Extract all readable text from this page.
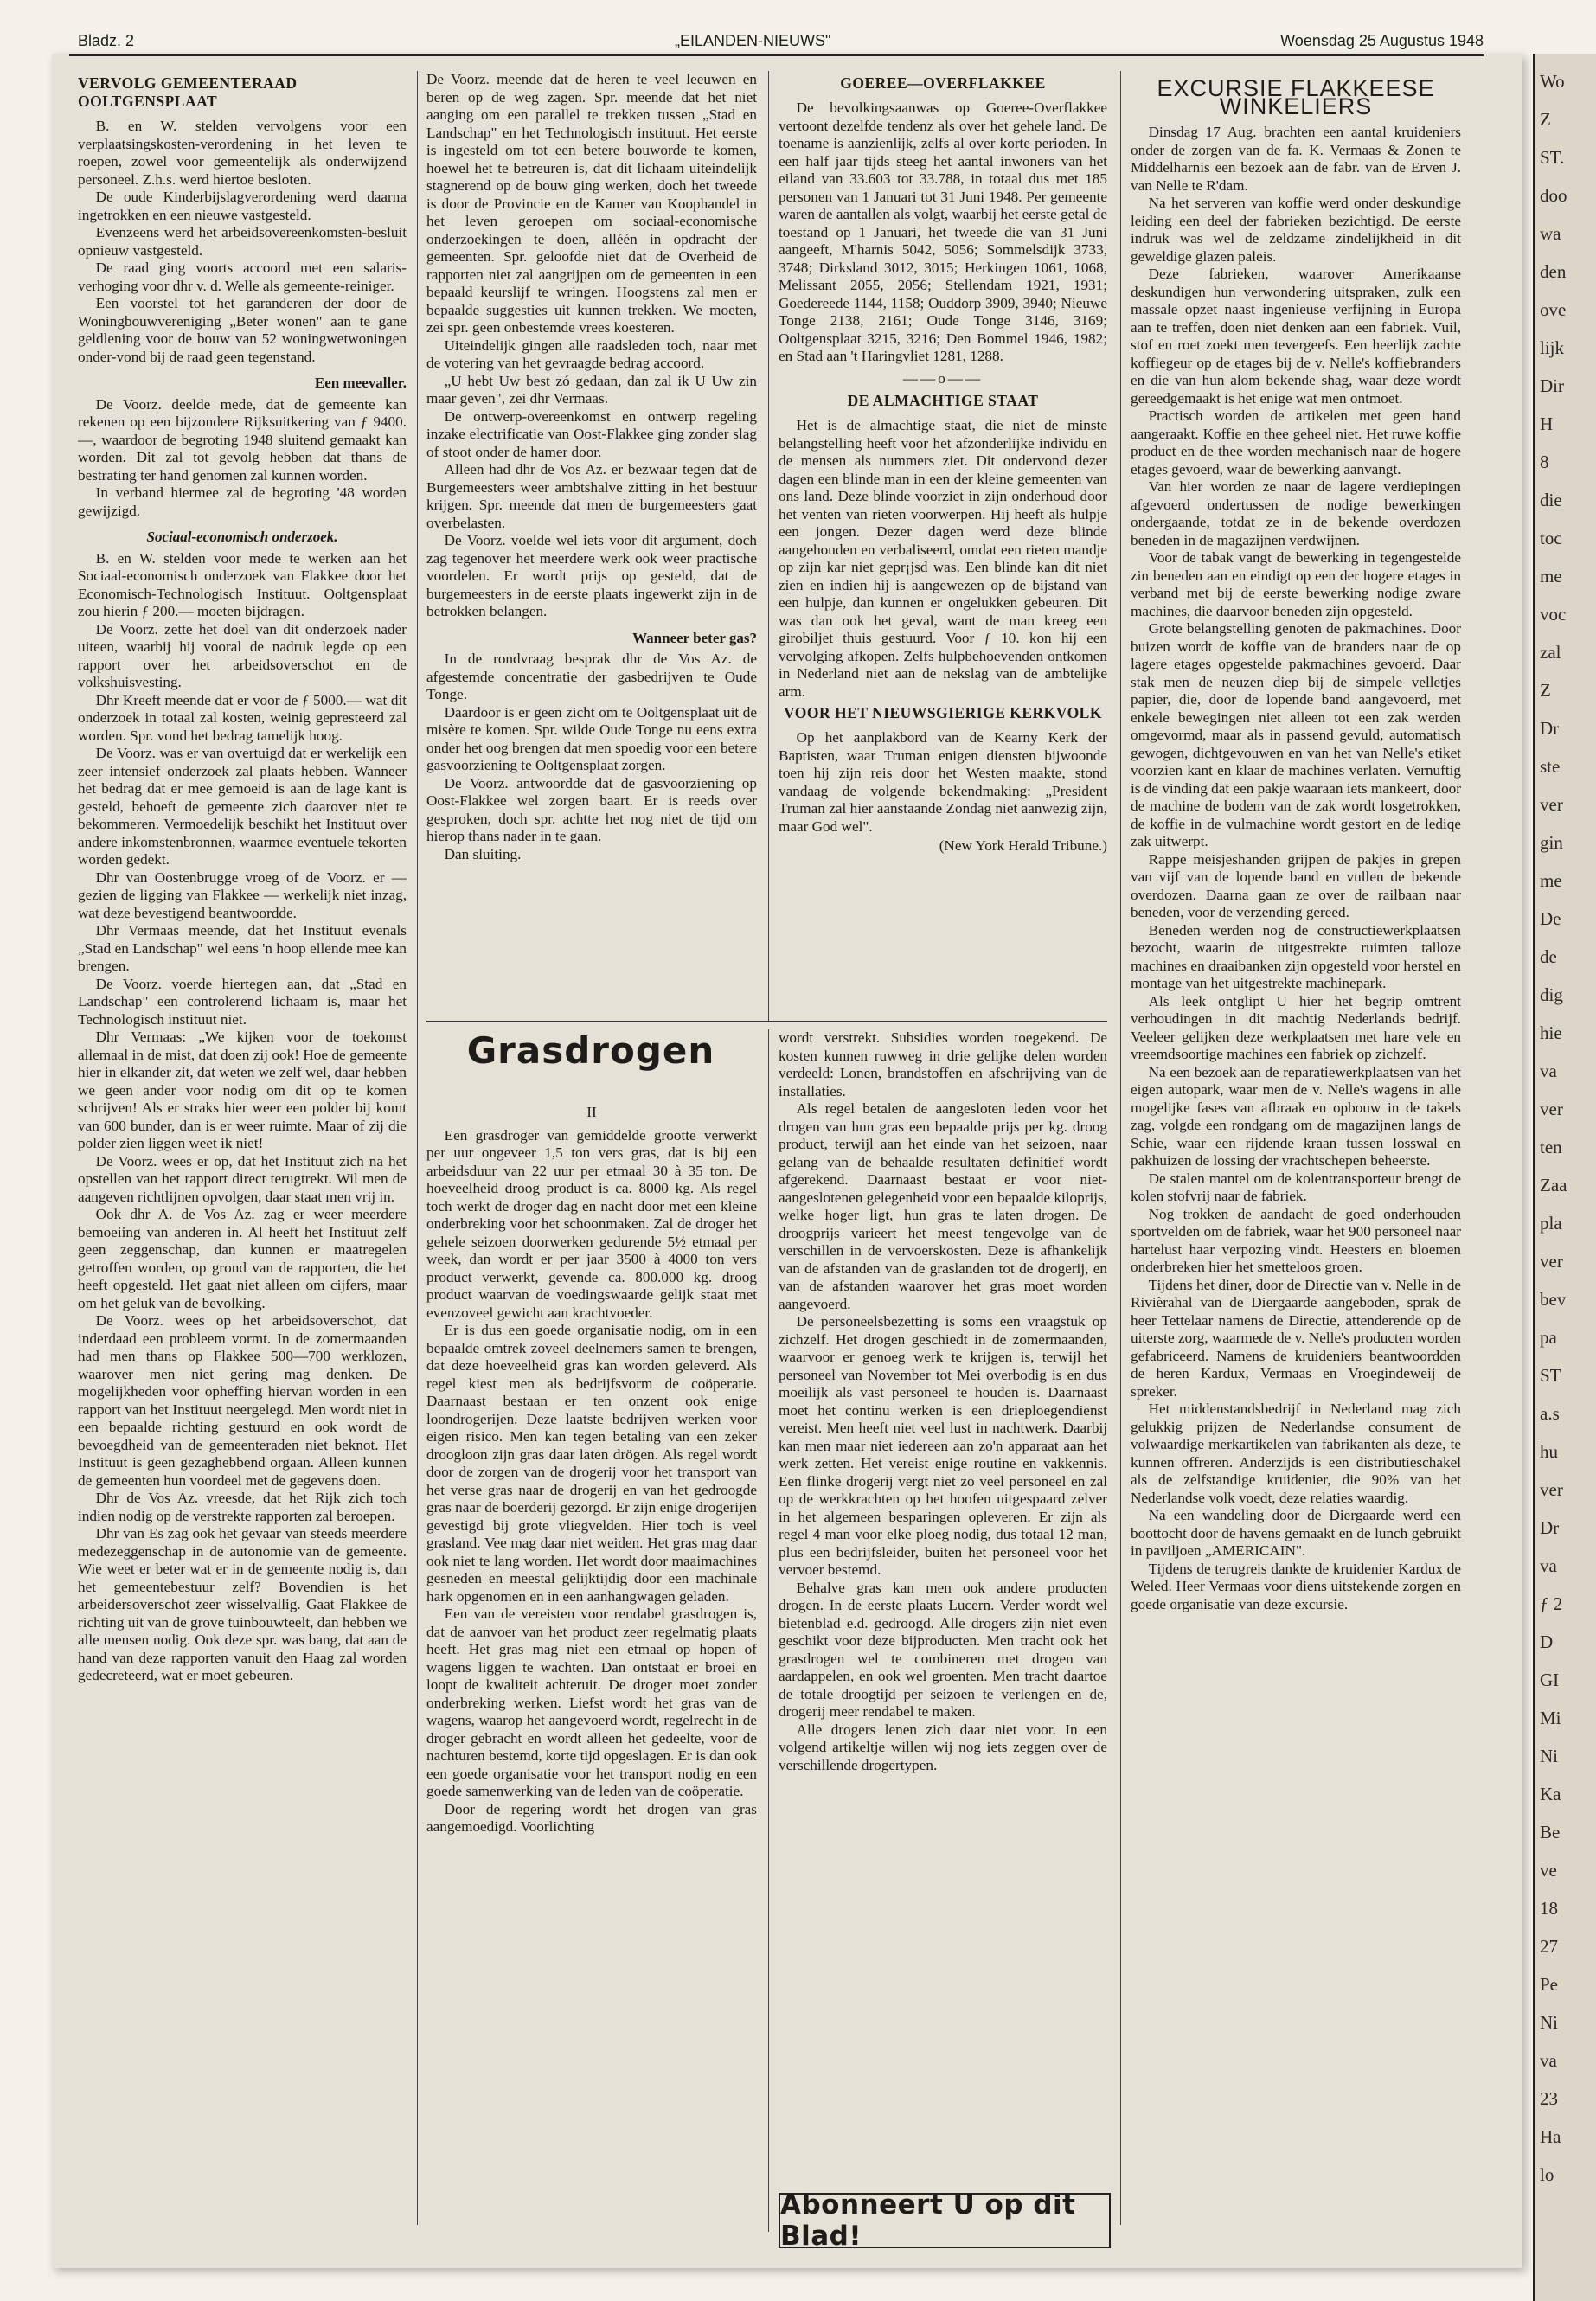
Wo
Z
ST.
doo
wa
den
ove
lijk
Dir
H
8
die
toc
me
voc
zal
Z
Dr
ste
ver
gin
me
De
de
dig
hie
va
ver
ten
Zaa
pla
ver
bev
pa
ST
a.s
hu
ver
Dr
va
ƒ 2
D
GI
Mi
Ni
Ka
Be
ve
18
27
Pe
Ni
va
23
Ha
lo
Bladz. 2	„EILANDEN-NIEUWS"	Woensdag 25 Augustus 1948
VERVOLG GEMEENTERAAD OOLTGENSPLAAT

B. en W. stelden vervolgens voor een verplaatsingskosten-verordening in het leven te roepen, zowel voor gemeentelijk als onderwijzend personeel. Z.h.s. werd hiertoe besloten.

De oude Kinderbijslagverordening werd daarna ingetrokken en een nieuwe vastgesteld.

Evenzeens werd het arbeidsovereenkomsten-besluit opnieuw vastgesteld.

De raad ging voorts accoord met een salaris-verhoging voor dhr v. d. Welle als gemeente-reiniger.

Een voorstel tot het garanderen der door de Woningbouwvereniging „Beter wonen" aan te gane geldlening voor de bouw van 52 woningwetwoningen onder-vond bij de raad geen tegenstand.

Een meevaller.

De Voorz. deelde mede, dat de gemeente kan rekenen op een bijzondere Rijksuitkering van ƒ 9400.—, waardoor de begroting 1948 sluitend gemaakt kan worden. Dit zal tot gevolg hebben dat thans de bestrating ter hand genomen zal kunnen worden.

In verband hiermee zal de begroting '48 worden gewijzigd.

Sociaal-economisch onderzoek.

B. en W. stelden voor mede te werken aan het Sociaal-economisch onderzoek van Flakkee door het Economisch-Technologisch Instituut. Ooltgensplaat zou hierin ƒ 200.— moeten bijdragen.

De Voorz. zette het doel van dit onderzoek nader uiteen, waarbij hij vooral de nadruk legde op een rapport over het arbeidsoverschot en de volkshuisvesting.

Dhr Kreeft meende dat er voor de ƒ 5000.— wat dit onderzoek in totaal zal kosten, weinig gepresteerd zal worden. Spr. vond het bedrag tamelijk hoog.

De Voorz. was er van overtuigd dat er werkelijk een zeer intensief onderzoek zal plaats hebben. Wanneer het bedrag dat er mee gemoeid is aan de lage kant is gesteld, behoeft de gemeente zich daarover niet te bekommeren. Vermoedelijk beschikt het Instituut over andere inkomstenbronnen, waarmee eventuele tekorten worden gedekt.

Dhr van Oostenbrugge vroeg of de Voorz. er — gezien de ligging van Flakkee — werkelijk niet inzag, wat deze bevestigend beantwoordde.

Dhr Vermaas meende, dat het Instituut evenals „Stad en Landschap" wel eens 'n hoop ellende mee kan brengen.

De Voorz. voerde hiertegen aan, dat „Stad en Landschap" een controlerend lichaam is, maar het Technologisch instituut niet.

Dhr Vermaas: „We kijken voor de toekomst allemaal in de mist, dat doen zij ook! Hoe de gemeente hier in elkander zit, dat weten we zelf wel, daar hebben we geen ander voor nodig om dit op te komen schrijven! Als er straks hier weer een polder bij komt van 600 bunder, dan is er weer ruimte. Maar of zij die polder zien liggen weet ik niet!

De Voorz. wees er op, dat het Instituut zich na het opstellen van het rapport direct terugtrekt. Wil men de aangeven richtlijnen opvolgen, daar staat men vrij in.

Ook dhr A. de Vos Az. zag er weer meerdere bemoeiing van anderen in. Al heeft het Instituut zelf geen zeggenschap, dan kunnen er maatregelen getroffen worden, op grond van de rapporten, die het heeft opgesteld. Het gaat niet alleen om cijfers, maar om het geluk van de bevolking.

De Voorz. wees op het arbeidsoverschot, dat inderdaad een probleem vormt. In de zomermaanden had men thans op Flakkee 500—700 werklozen, waarover men niet gering mag denken. De mogelijkheden voor opheffing hiervan worden in een rapport van het Instituut neergelegd. Men wordt niet in een bepaalde richting gestuurd en ook wordt de bevoegdheid van de gemeenteraden niet beknot. Het Instituut is geen gezaghebbend orgaan. Alleen kunnen de gemeenten hun voordeel met de gegevens doen.

Dhr de Vos Az. vreesde, dat het Rijk zich toch indien nodig op de verstrekte rapporten zal beroepen.

Dhr van Es zag ook het gevaar van steeds meerdere medezeggenschap in de autonomie van de gemeente. Wie weet er beter wat er in de gemeente nodig is, dan het gemeentebestuur zelf? Bovendien is het arbeidersoverschot zeer wisselvallig. Gaat Flakkee de richting uit van de grove tuinbouwteelt, dan hebben we alle mensen nodig. Ook deze spr. was bang, dat aan de hand van deze rapporten vanuit den Haag zal worden gedecreteerd, wat er moet gebeuren.

De Voorz. meende dat de heren te veel leeuwen en beren op de weg zagen. Spr. meende dat het niet aanging om een parallel te trekken tussen „Stad en Landschap" en het Technologisch instituut. Het eerste is ingesteld om tot een betere bouworde te komen, hoewel het te betreuren is, dat dit lichaam uiteindelijk stagnerend op de bouw ging werken, doch het tweede is door de Provincie en de Kamer van Koophandel in het leven geroepen om sociaal-economische onderzoekingen te doen, alléén in opdracht der gemeenten. Spr. geloofde niet dat de Overheid de rapporten niet zal aangrijpen om de gemeenten in een bepaald keurslijf te wringen. Hoogstens zal men er bepaalde suggesties uit kunnen trekken. We moeten, zei spr. geen onbestemde vrees koesteren.

Uiteindelijk gingen alle raadsleden toch, naar met de votering van het gevraagde bedrag accoord.

„U hebt Uw best zó gedaan, dan zal ik U Uw zin maar geven", zei dhr Vermaas.

De ontwerp-overeenkomst en ontwerp regeling inzake electrificatie van Oost-Flakkee ging zonder slag of stoot onder de hamer door.

Alleen had dhr de Vos Az. er bezwaar tegen dat de Burgemeesters weer ambtshalve zitting in het bestuur krijgen. Spr. meende dat men de burgemeesters gaat overbelasten.

De Voorz. voelde wel iets voor dit argument, doch zag tegenover het meerdere werk ook weer practische voordelen. Er wordt prijs op gesteld, dat de burgemeesters in de eerste plaats ingewerkt zijn in de betrokken belangen.

Wanneer beter gas?

In de rondvraag besprak dhr de Vos Az. de afgestemde concentratie der gasbedrijven te Oude Tonge.

Daardoor is er geen zicht om te Ooltgensplaat uit de misère te komen. Spr. wilde Oude Tonge nu eens extra onder het oog brengen dat men spoedig voor een betere gasvoorziening te Ooltgensplaat zorgen.

De Voorz. antwoordde dat de gasvoorziening op Oost-Flakkee wel zorgen baart. Er is reeds over gesproken, doch spr. achtte het nog niet de tijd om hierop thans nader in te gaan.

Dan sluiting.

GOEREE—OVERFLAKKEE

De bevolkingsaanwas op Goeree-Overflakkee vertoont dezelfde tendenz als over het gehele land. De toename is aanzienlijk, zelfs al over korte perioden. In een half jaar tijds steeg het aantal inwoners van het eiland van 33.603 tot 33.788, in totaal dus met 185 personen van 1 Januari tot 31 Juni 1948. Per gemeente waren de aantallen als volgt, waarbij het eerste getal de toestand op 1 Januari, het tweede die van 31 Juni aangeeft, M'harnis 5042, 5056; Sommelsdijk 3733, 3748; Dirksland 3012, 3015; Herkingen 1061, 1068, Melissant 2055, 2056; Stellendam 1921, 1931; Goedereede 1144, 1158; Ouddorp 3909, 3940; Nieuwe Tonge 2138, 2161; Oude Tonge 3146, 3169; Ooltgensplaat 3215, 3216; Den Bommel 1946, 1982; en Stad aan 't Haringvliet 1281, 1288.

——o——
DE ALMACHTIGE STAAT

Het is de almachtige staat, die niet de minste belangstelling heeft voor het afzonderlijke individu en de mensen als nummers ziet. Dit ondervond dezer dagen een blinde man in een der kleine gemeenten van ons land. Deze blinde voorziet in zijn onderhoud door het venten van rieten voorwerpen. Hij heeft als hulpje een jongen. Dezer dagen werd deze blinde aangehouden en verbaliseerd, omdat een rieten mandje op zijn kar niet gepr¡jsd was. Een blinde kan dit niet zien en indien hij is aangewezen op de bijstand van een hulpje, dan kunnen er ongelukken gebeuren. Dit was dan ook het geval, want de man kreeg een girobiljet thuis gestuurd. Voor ƒ 10. kon hij een vervolging afkopen. Zelfs hulpbehoevenden ontkomen in Nederland niet aan de nekslag van de ambtelijke arm.

VOOR HET NIEUWSGIERIGE KERKVOLK

Op het aanplakbord van de Kearny Kerk der Baptisten, waar Truman enigen diensten bijwoonde toen hij zijn reis door het Westen maakte, stond vandaag de volgende bekendmaking: „President Truman zal hier aanstaande Zondag niet aanwezig zijn, maar God wel".

(New York Herald Tribune.)
EXCURSIE FLAKKEESE WINKELIERS

Dinsdag 17 Aug. brachten een aantal kruideniers onder de zorgen van de fa. K. Vermaas & Zonen te Middelharnis een bezoek aan de fabr. van de Erven J. van Nelle te R'dam.

Na het serveren van koffie werd onder deskundige leiding een deel der fabrieken bezichtigd. De eerste indruk was wel de zeldzame zindelijkheid in dit geweldige glazen paleis.

Deze fabrieken, waarover Amerikaanse deskundigen hun verwondering uitspraken, zulk een massale opzet naast ingenieuse verfijning in Europa aan te treffen, doen niet denken aan een fabriek. Vuil, stof en roet zoekt men tevergeefs. Een heerlijk zachte koffiegeur op de etages bij de v. Nelle's koffiebranders en die van hun alom bekende shag, waar deze wordt gereedgemaakt is het enige wat men ontmoet.

Practisch worden de artikelen met geen hand aangeraakt. Koffie en thee geheel niet. Het ruwe koffie product en de thee worden mechanisch naar de hogere etages gevoerd, waar de bewerking aanvangt.

Van hier worden ze naar de lagere verdiepingen afgevoerd ondertussen de nodige bewerkingen ondergaande, totdat ze in de bekende overdozen beneden in de magazijnen verdwijnen.

Voor de tabak vangt de bewerking in tegengestelde zin beneden aan en eindigt op een der hogere etages in verband met bij de eerste bewerking nodige zware machines, die daarvoor beneden zijn opgesteld.

Grote belangstelling genoten de pakmachines. Door buizen wordt de koffie van de branders naar de op lagere etages opgestelde pakmachines gevoerd. Daar stak men de neuzen diep bij de simpele velletjes papier, die, door de lopende band aangevoerd, met enkele bewegingen niet alleen tot een zak werden omgevormd, maar als in passend gevuld, automatisch gewogen, dichtgevouwen en van het van Nelle's etiket voorzien kant en klaar de machines verlaten. Vernuftig is de vinding dat een pakje waaraan iets mankeert, door de machine de bodem van de zak wordt losgetrokken, de koffie in de vulmachine wordt gestort en de lediqe zak uitwerpt.

Rappe meisjeshanden grijpen de pakjes in grepen van vijf van de lopende band en vullen de bekende overdozen. Daarna gaan ze over de railbaan naar beneden, voor de verzending gereed.

Beneden werden nog de constructiewerkplaatsen bezocht, waarin de uitgestrekte ruimten talloze machines en draaibanken zijn opgesteld voor herstel en montage van het uitgestrekte machinepark.

Als leek ontglipt U hier het begrip omtrent verhoudingen in dit machtig Nederlands bedrijf. Veeleer gelijken deze werkplaatsen met hare vele en vreemdsoortige machines een fabriek op zichzelf.

Na een bezoek aan de reparatiewerkplaatsen van het eigen autopark, waar men de v. Nelle's wagens in alle mogelijke fases van afbraak en opbouw in de takels zag, volgde een rondgang om de magazijnen langs de Schie, waar een rijdende kraan tussen losswal en pakhuizen de lossing der vrachtschepen beheerste.

De stalen mantel om de kolentransporteur brengt de kolen stofvrij naar de fabriek.

Nog trokken de aandacht de goed onderhouden sportvelden om de fabriek, waar het 900 personeel naar hartelust haar verpozing vindt. Heesters en bloemen onderbreken hier het smetteloos groen.

Tijdens het diner, door de Directie van v. Nelle in de Rivièrahal van de Diergaarde aangeboden, sprak de heer Tettelaar namens de Directie, attenderende op de uiterste zorg, waarmede de v. Nelle's producten worden gefabriceerd. Namens de kruideniers beantwoordden de heren Kardux, Vermaas en Vroegindeweij de spreker.

Het middenstandsbedrijf in Nederland mag zich gelukkig prijzen de Nederlandse consument de volwaardige merkartikelen van fabrikanten als deze, te kunnen offreren. Anderzijds is een distributieschakel als de zelfstandige kruidenier, die 90% van het Nederlandse volk voedt, deze relaties waardig.

Na een wandeling door de Diergaarde werd een boottocht door de havens gemaakt en de lunch gebruikt in paviljoen „AMERICAIN".

Tijdens de terugreis dankte de kruidenier Kardux de Weled. Heer Vermaas voor diens uitstekende zorgen en goede organisatie van deze excursie.

Grasdrogen
II

Een grasdroger van gemiddelde grootte verwerkt per uur ongeveer 1,5 ton vers gras, dat is bij een arbeidsduur van 22 uur per etmaal 30 à 35 ton. De hoeveelheid droog product is ca. 8000 kg. Als regel toch werkt de droger dag en nacht door met een kleine onderbreking voor het schoonmaken. Zal de droger het gehele seizoen doorwerken gedurende 5½ etmaal per week, dan wordt er per jaar 3500 à 4000 ton vers product verwerkt, gevende ca. 800.000 kg. droog product waarvan de voedingswaarde gelijk staat met evenzoveel gewicht aan krachtvoeder.

Er is dus een goede organisatie nodig, om in een bepaalde omtrek zoveel deelnemers samen te brengen, dat deze hoeveelheid gras kan worden geleverd. Als regel kiest men als bedrijfsvorm de coöperatie. Daarnaast bestaan er ten onzent ook enige loondrogerijen. Deze laatste bedrijven werken voor eigen risico. Men kan tegen betaling van een zeker droogloon zijn gras daar laten drögen. Als regel wordt door de zorgen van de drogerij voor het transport van het verse gras naar de drogerij en van het gedroogde gras naar de boerderij gezorgd. Er zijn enige drogerijen gevestigd bij grote vliegvelden. Hier toch is veel grasland. Vee mag daar niet weiden. Het gras mag daar ook niet te lang worden. Het wordt door maaimachines gesneden en meestal gelijktijdig door een machinale hark opgenomen en in een aanhangwagen geladen.

Een van de vereisten voor rendabel grasdrogen is, dat de aanvoer van het product zeer regelmatig plaats heeft. Het gras mag niet een etmaal op hopen of wagens liggen te wachten. Dan ontstaat er broei en loopt de kwaliteit achteruit. De droger moet zonder onderbreking werken. Liefst wordt het gras van de wagens, waarop het aangevoerd wordt, regelrecht in de droger gebracht en wordt alleen het gedeelte, voor de nachturen bestemd, korte tijd opgeslagen. Er is dan ook een goede organisatie voor het transport nodig en een goede samenwerking van de leden van de coöperatie.

Door de regering wordt het drogen van gras aangemoedigd. Voorlichting

wordt verstrekt. Subsidies worden toegekend. De kosten kunnen ruwweg in drie gelijke delen worden verdeeld: Lonen, brandstoffen en afschrijving van de installaties.

Als regel betalen de aangesloten leden voor het drogen van hun gras een bepaalde prijs per kg. droog product, terwijl aan het einde van het seizoen, naar gelang van de behaalde resultaten definitief wordt afgerekend. Daarnaast bestaat er voor niet-aangeslotenen gelegenheid voor een bepaalde kiloprijs, welke hoger ligt, hun gras te laten drogen. De droogprijs varieert het meest tengevolge van de verschillen in de vervoerskosten. Deze is afhankelijk van de afstanden van de graslanden tot de drogerij, en van de afstanden waarover het gras moet worden aangevoerd.

De personeelsbezetting is soms een vraagstuk op zichzelf. Het drogen geschiedt in de zomermaanden, waarvoor er genoeg werk te krijgen is, terwijl het personeel van November tot Mei overbodig is en dus moeilijk als vast personeel te houden is. Daarnaast moet het continu werken is een drieploegendienst vereist. Men heeft niet veel lust in nachtwerk. Daarbij kan men maar niet iedereen aan zo'n apparaat aan het werk zetten. Het vereist enige routine en vakkennis. Een flinke drogerij vergt niet zo veel personeel en zal op de werkkrachten op het hoofen uitgespaard zelver in het algemeen besparingen opleveren. Er zijn als regel 4 man voor elke ploeg nodig, dus totaal 12 man, plus een bedrijfsleider, buiten het personeel voor het vervoer bestemd.

Behalve gras kan men ook andere producten drogen. In de eerste plaats Lucern. Verder wordt wel bietenblad e.d. gedroogd. Alle drogers zijn niet even geschikt voor deze bijproducten. Men tracht ook het grasdrogen wel te combineren met drogen van aardappelen, en ook wel groenten. Men tracht daartoe de totale droogtijd per seizoen te verlengen en de, drogerij meer rendabel te maken.

Alle drogers lenen zich daar niet voor. In een volgend artikeltje willen wij nog iets zeggen over de verschillende drogertypen.

Abonneert U op dit Blad!
